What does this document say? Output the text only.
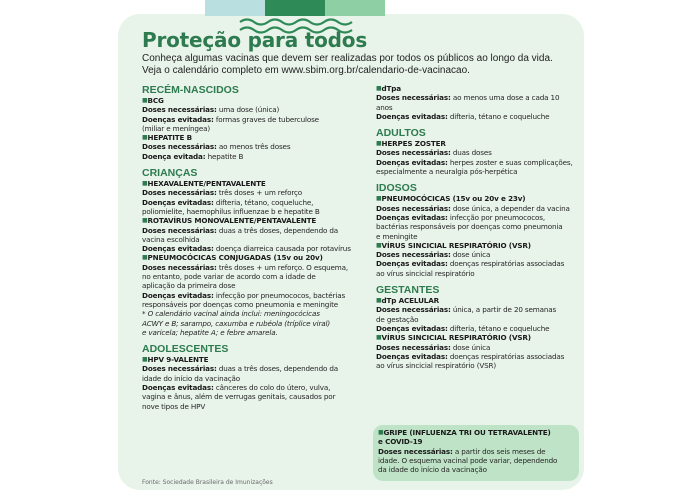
Proteção para todos
Conheça algumas vacinas que devem ser realizadas por todos os públicos ao longo da vida.
Veja o calendário completo em www.sbim.org.br/calendario-de-vacinacao.
RECÉM-NASCIDOS
■ BCG

Doses necessárias: uma dose (única)

Doenças evitadas: formas graves de tuberculose
(miliar e meníngea)

■ HEPATITE B

Doses necessárias: ao menos três doses

Doença evitada: hepatite B

CRIANÇAS
■ HEXAVALENTE/PENTAVALENTE

Doses necessárias: três doses + um reforço

Doenças evitadas: difteria, tétano, coqueluche,
poliomielite, haemophilus influenzae b e hepatite B

■ ROTAVÍRUS MONOVALENTE/PENTAVALENTE

Doses necessárias: duas a três doses, dependendo da
vacina escolhida

Doenças evitadas: doença diarreica causada por rotavírus

■ PNEUMOCÓCICAS CONJUGADAS (15v ou 20v)

Doses necessárias: três doses + um reforço. O esquema,
no entanto, pode variar de acordo com a idade de
aplicação da primeira dose

Doenças evitadas: infecção por pneumococos, bactérias
responsáveis por doenças como pneumonia e meningite

* O calendário vacinal ainda inclui: meningocócicas
ACWY e B; sarampo, caxumba e rubéola (tríplice viral)
e varicela; hepatite A; e febre amarela.

ADOLESCENTES
■ HPV 9-VALENTE

Doses necessárias: duas a três doses, dependendo da
idade do início da vacinação

Doenças evitadas: cânceres do colo do útero, vulva,
vagina e ânus, além de verrugas genitais, causados por
nove tipos de HPV

■ dTpa

Doses necessárias: ao menos uma dose a cada 10 anos

Doenças evitadas: difteria, tétano e coqueluche

ADULTOS
■ HERPES ZOSTER

Doses necessárias: duas doses

Doenças evitadas: herpes zoster e suas complicações,
especialmente a neuralgia pós-herpética

IDOSOS
■ PNEUMOCÓCICAS (15v ou 20v e 23v)

Doses necessárias: dose única, a depender da vacina

Doenças evitadas: infecção por pneumococos,
bactérias responsáveis por doenças como pneumonia
e meningite

■ VÍRUS SINCICIAL RESPIRATÓRIO (VSR)

Doses necessárias: dose única

Doenças evitadas: doenças respiratórias associadas
ao vírus sincicial respiratório

GESTANTES
■ dTp ACELULAR

Doses necessárias: única, a partir de 20 semanas
de gestação

Doenças evitadas: difteria, tétano e coqueluche

■ VÍRUS SINCICIAL RESPIRATÓRIO (VSR)

Doses necessárias: dose única

Doenças evitadas: doenças respiratórias associadas
ao vírus sincicial respiratório (VSR)

■ GRIPE (INFLUENZA TRI OU TETRAVALENTE)
e COVID-19

Doses necessárias: a partir dos seis meses de
idade. O esquema vacinal pode variar, dependendo
da idade do início da vacinação

Fonte: Sociedade Brasileira de Imunizações
